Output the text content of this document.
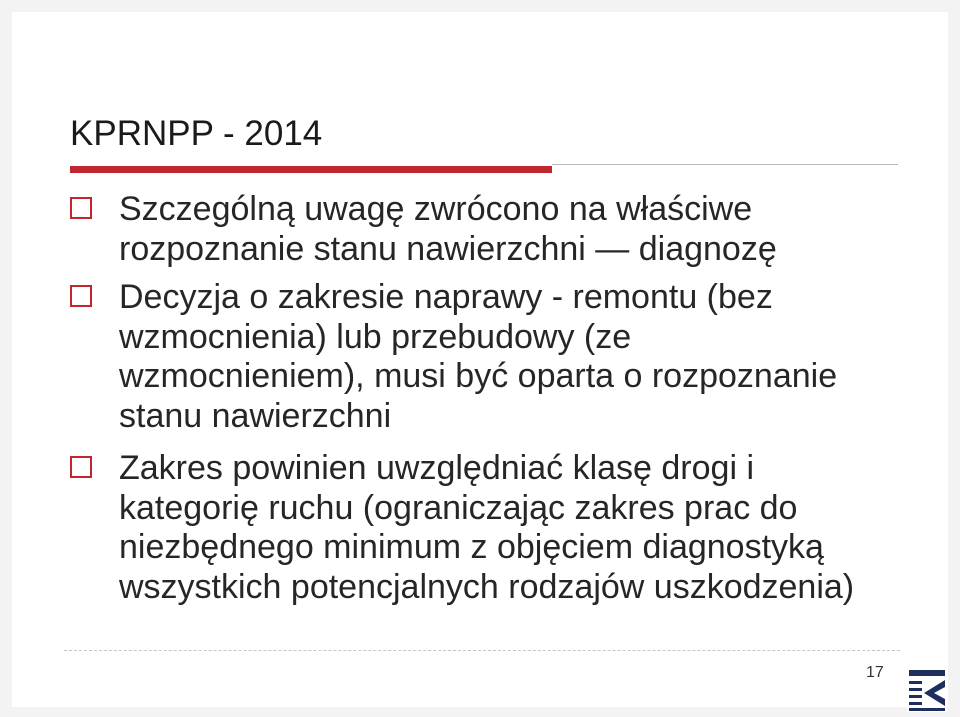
KPRNPP - 2014
Szczególną uwagę zwrócono na właściwe
rozpoznanie stanu nawierzchni — diagnozę
Decyzja o zakresie naprawy - remontu (bez
wzmocnienia) lub przebudowy (ze
wzmocnieniem), musi być oparta o rozpoznanie
stanu nawierzchni
Zakres powinien uwzględniać klasę drogi i
kategorię ruchu (ograniczając zakres prac do
niezbędnego minimum z objęciem diagnostyką
wszystkich potencjalnych rodzajów uszkodzenia)
17
